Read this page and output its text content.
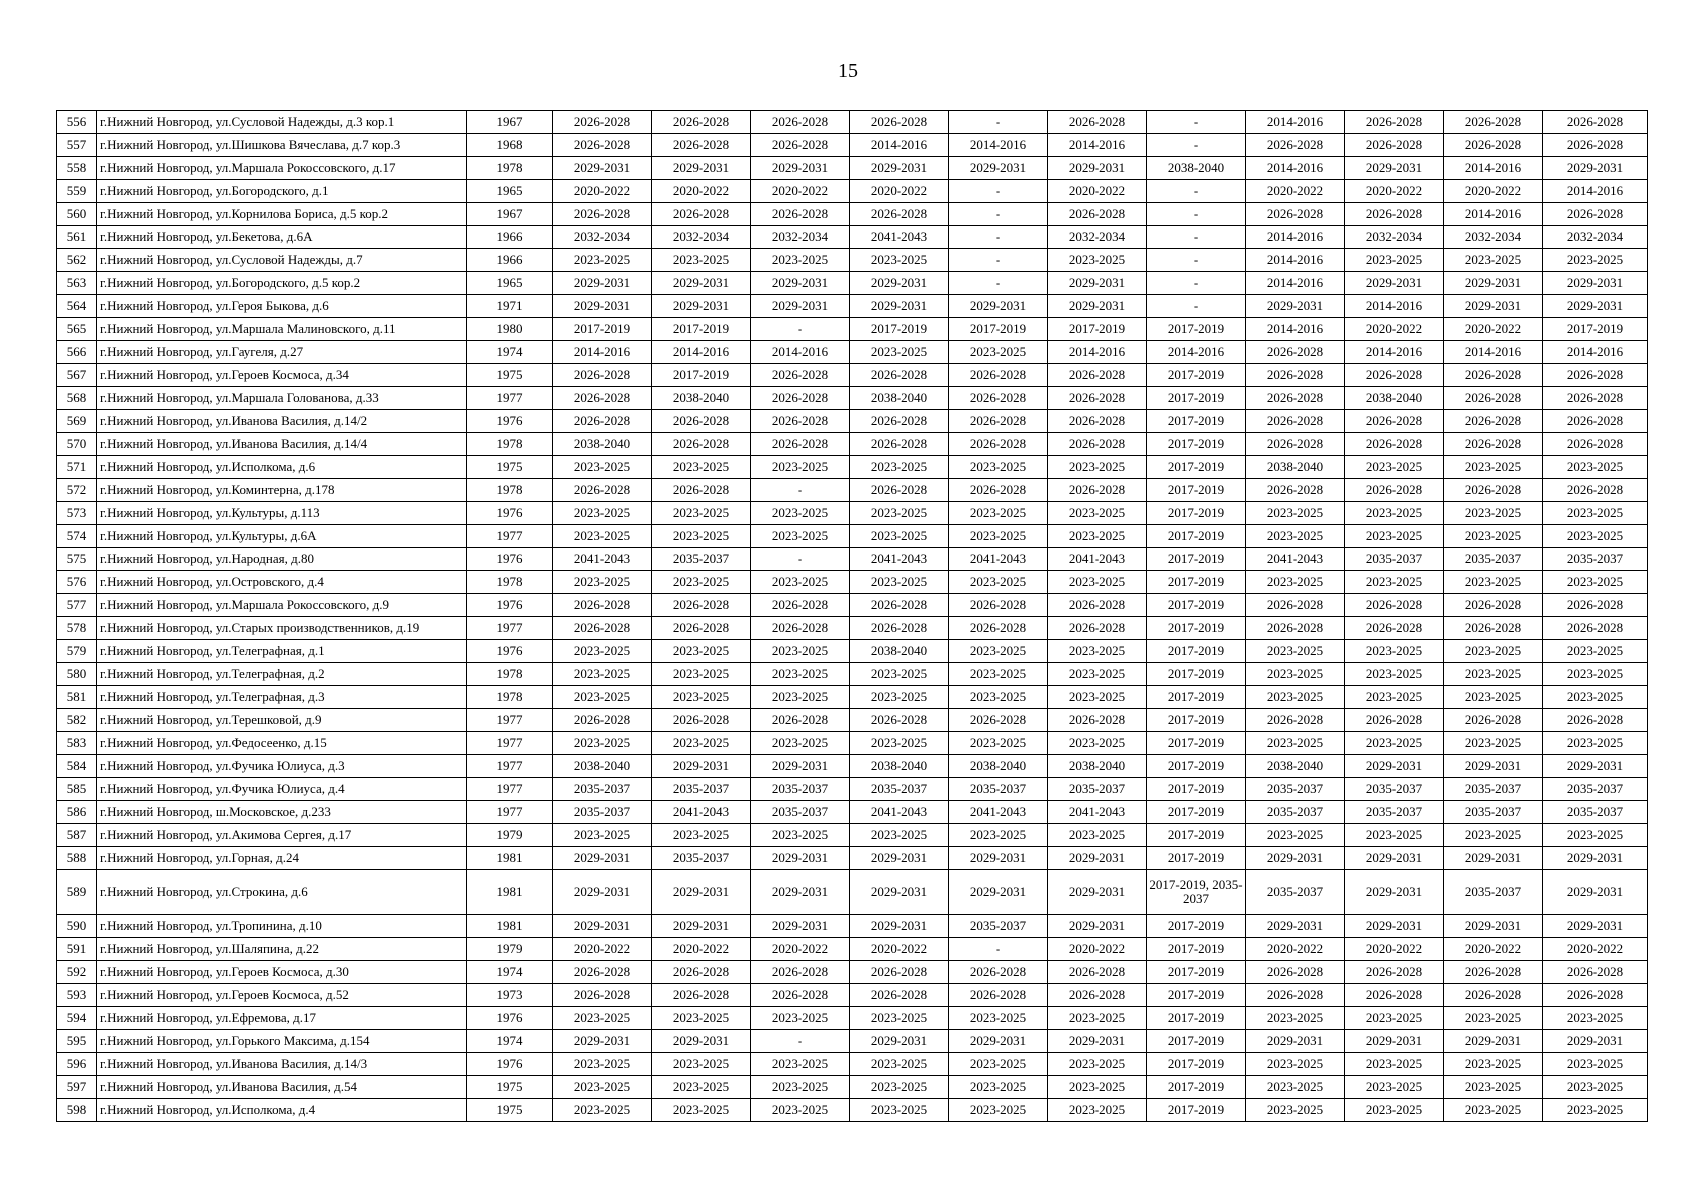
15
556	г.Нижний Новгород, ул.Сусловой Надежды, д.3 кор.1	1967	2026-2028	2026-2028	2026-2028	2026-2028	-	2026-2028	-	2014-2016	2026-2028	2026-2028	2026-2028
557	г.Нижний Новгород, ул.Шишкова Вячеслава, д.7 кор.3	1968	2026-2028	2026-2028	2026-2028	2014-2016	2014-2016	2014-2016	-	2026-2028	2026-2028	2026-2028	2026-2028
558	г.Нижний Новгород, ул.Маршала Рокоссовского, д.17	1978	2029-2031	2029-2031	2029-2031	2029-2031	2029-2031	2029-2031	2038-2040	2014-2016	2029-2031	2014-2016	2029-2031
559	г.Нижний Новгород, ул.Богородского, д.1	1965	2020-2022	2020-2022	2020-2022	2020-2022	-	2020-2022	-	2020-2022	2020-2022	2020-2022	2014-2016
560	г.Нижний Новгород, ул.Корнилова Бориса, д.5 кор.2	1967	2026-2028	2026-2028	2026-2028	2026-2028	-	2026-2028	-	2026-2028	2026-2028	2014-2016	2026-2028
561	г.Нижний Новгород, ул.Бекетова, д.6А	1966	2032-2034	2032-2034	2032-2034	2041-2043	-	2032-2034	-	2014-2016	2032-2034	2032-2034	2032-2034
562	г.Нижний Новгород, ул.Сусловой Надежды, д.7	1966	2023-2025	2023-2025	2023-2025	2023-2025	-	2023-2025	-	2014-2016	2023-2025	2023-2025	2023-2025
563	г.Нижний Новгород, ул.Богородского, д.5 кор.2	1965	2029-2031	2029-2031	2029-2031	2029-2031	-	2029-2031	-	2014-2016	2029-2031	2029-2031	2029-2031
564	г.Нижний Новгород, ул.Героя Быкова, д.6	1971	2029-2031	2029-2031	2029-2031	2029-2031	2029-2031	2029-2031	-	2029-2031	2014-2016	2029-2031	2029-2031
565	г.Нижний Новгород, ул.Маршала Малиновского, д.11	1980	2017-2019	2017-2019	-	2017-2019	2017-2019	2017-2019	2017-2019	2014-2016	2020-2022	2020-2022	2017-2019
566	г.Нижний Новгород, ул.Гаугеля, д.27	1974	2014-2016	2014-2016	2014-2016	2023-2025	2023-2025	2014-2016	2014-2016	2026-2028	2014-2016	2014-2016	2014-2016
567	г.Нижний Новгород, ул.Героев Космоса, д.34	1975	2026-2028	2017-2019	2026-2028	2026-2028	2026-2028	2026-2028	2017-2019	2026-2028	2026-2028	2026-2028	2026-2028
568	г.Нижний Новгород, ул.Маршала Голованова, д.33	1977	2026-2028	2038-2040	2026-2028	2038-2040	2026-2028	2026-2028	2017-2019	2026-2028	2038-2040	2026-2028	2026-2028
569	г.Нижний Новгород, ул.Иванова Василия, д.14/2	1976	2026-2028	2026-2028	2026-2028	2026-2028	2026-2028	2026-2028	2017-2019	2026-2028	2026-2028	2026-2028	2026-2028
570	г.Нижний Новгород, ул.Иванова Василия, д.14/4	1978	2038-2040	2026-2028	2026-2028	2026-2028	2026-2028	2026-2028	2017-2019	2026-2028	2026-2028	2026-2028	2026-2028
571	г.Нижний Новгород, ул.Исполкома, д.6	1975	2023-2025	2023-2025	2023-2025	2023-2025	2023-2025	2023-2025	2017-2019	2038-2040	2023-2025	2023-2025	2023-2025
572	г.Нижний Новгород, ул.Коминтерна, д.178	1978	2026-2028	2026-2028	-	2026-2028	2026-2028	2026-2028	2017-2019	2026-2028	2026-2028	2026-2028	2026-2028
573	г.Нижний Новгород, ул.Культуры, д.113	1976	2023-2025	2023-2025	2023-2025	2023-2025	2023-2025	2023-2025	2017-2019	2023-2025	2023-2025	2023-2025	2023-2025
574	г.Нижний Новгород, ул.Культуры, д.6А	1977	2023-2025	2023-2025	2023-2025	2023-2025	2023-2025	2023-2025	2017-2019	2023-2025	2023-2025	2023-2025	2023-2025
575	г.Нижний Новгород, ул.Народная, д.80	1976	2041-2043	2035-2037	-	2041-2043	2041-2043	2041-2043	2017-2019	2041-2043	2035-2037	2035-2037	2035-2037
576	г.Нижний Новгород, ул.Островского, д.4	1978	2023-2025	2023-2025	2023-2025	2023-2025	2023-2025	2023-2025	2017-2019	2023-2025	2023-2025	2023-2025	2023-2025
577	г.Нижний Новгород, ул.Маршала Рокоссовского, д.9	1976	2026-2028	2026-2028	2026-2028	2026-2028	2026-2028	2026-2028	2017-2019	2026-2028	2026-2028	2026-2028	2026-2028
578	г.Нижний Новгород, ул.Старых производственников, д.19	1977	2026-2028	2026-2028	2026-2028	2026-2028	2026-2028	2026-2028	2017-2019	2026-2028	2026-2028	2026-2028	2026-2028
579	г.Нижний Новгород, ул.Телеграфная, д.1	1976	2023-2025	2023-2025	2023-2025	2038-2040	2023-2025	2023-2025	2017-2019	2023-2025	2023-2025	2023-2025	2023-2025
580	г.Нижний Новгород, ул.Телеграфная, д.2	1978	2023-2025	2023-2025	2023-2025	2023-2025	2023-2025	2023-2025	2017-2019	2023-2025	2023-2025	2023-2025	2023-2025
581	г.Нижний Новгород, ул.Телеграфная, д.3	1978	2023-2025	2023-2025	2023-2025	2023-2025	2023-2025	2023-2025	2017-2019	2023-2025	2023-2025	2023-2025	2023-2025
582	г.Нижний Новгород, ул.Терешковой, д.9	1977	2026-2028	2026-2028	2026-2028	2026-2028	2026-2028	2026-2028	2017-2019	2026-2028	2026-2028	2026-2028	2026-2028
583	г.Нижний Новгород, ул.Федосеенко, д.15	1977	2023-2025	2023-2025	2023-2025	2023-2025	2023-2025	2023-2025	2017-2019	2023-2025	2023-2025	2023-2025	2023-2025
584	г.Нижний Новгород, ул.Фучика Юлиуса, д.3	1977	2038-2040	2029-2031	2029-2031	2038-2040	2038-2040	2038-2040	2017-2019	2038-2040	2029-2031	2029-2031	2029-2031
585	г.Нижний Новгород, ул.Фучика Юлиуса, д.4	1977	2035-2037	2035-2037	2035-2037	2035-2037	2035-2037	2035-2037	2017-2019	2035-2037	2035-2037	2035-2037	2035-2037
586	г.Нижний Новгород, ш.Московское, д.233	1977	2035-2037	2041-2043	2035-2037	2041-2043	2041-2043	2041-2043	2017-2019	2035-2037	2035-2037	2035-2037	2035-2037
587	г.Нижний Новгород, ул.Акимова Сергея, д.17	1979	2023-2025	2023-2025	2023-2025	2023-2025	2023-2025	2023-2025	2017-2019	2023-2025	2023-2025	2023-2025	2023-2025
588	г.Нижний Новгород, ул.Горная, д.24	1981	2029-2031	2035-2037	2029-2031	2029-2031	2029-2031	2029-2031	2017-2019	2029-2031	2029-2031	2029-2031	2029-2031
589	г.Нижний Новгород, ул.Строкина, д.6	1981	2029-2031	2029-2031	2029-2031	2029-2031	2029-2031	2029-2031	2017-2019, 2035-2037	2035-2037	2029-2031	2035-2037	2029-2031
590	г.Нижний Новгород, ул.Тропинина, д.10	1981	2029-2031	2029-2031	2029-2031	2029-2031	2035-2037	2029-2031	2017-2019	2029-2031	2029-2031	2029-2031	2029-2031
591	г.Нижний Новгород, ул.Шаляпина, д.22	1979	2020-2022	2020-2022	2020-2022	2020-2022	-	2020-2022	2017-2019	2020-2022	2020-2022	2020-2022	2020-2022
592	г.Нижний Новгород, ул.Героев Космоса, д.30	1974	2026-2028	2026-2028	2026-2028	2026-2028	2026-2028	2026-2028	2017-2019	2026-2028	2026-2028	2026-2028	2026-2028
593	г.Нижний Новгород, ул.Героев Космоса, д.52	1973	2026-2028	2026-2028	2026-2028	2026-2028	2026-2028	2026-2028	2017-2019	2026-2028	2026-2028	2026-2028	2026-2028
594	г.Нижний Новгород, ул.Ефремова, д.17	1976	2023-2025	2023-2025	2023-2025	2023-2025	2023-2025	2023-2025	2017-2019	2023-2025	2023-2025	2023-2025	2023-2025
595	г.Нижний Новгород, ул.Горького Максима, д.154	1974	2029-2031	2029-2031	-	2029-2031	2029-2031	2029-2031	2017-2019	2029-2031	2029-2031	2029-2031	2029-2031
596	г.Нижний Новгород, ул.Иванова Василия, д.14/3	1976	2023-2025	2023-2025	2023-2025	2023-2025	2023-2025	2023-2025	2017-2019	2023-2025	2023-2025	2023-2025	2023-2025
597	г.Нижний Новгород, ул.Иванова Василия, д.54	1975	2023-2025	2023-2025	2023-2025	2023-2025	2023-2025	2023-2025	2017-2019	2023-2025	2023-2025	2023-2025	2023-2025
598	г.Нижний Новгород, ул.Исполкома, д.4	1975	2023-2025	2023-2025	2023-2025	2023-2025	2023-2025	2023-2025	2017-2019	2023-2025	2023-2025	2023-2025	2023-2025
